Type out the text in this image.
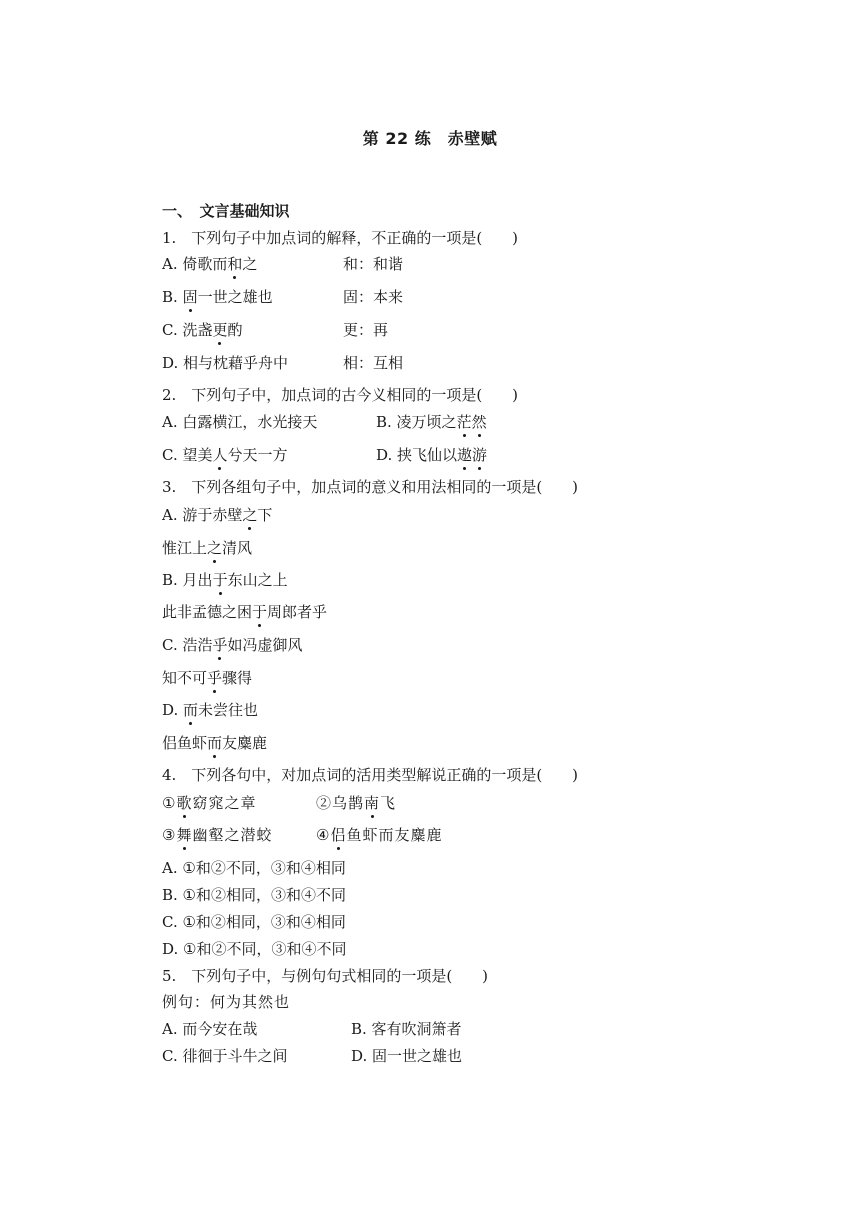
第 22 练　赤壁赋
一、　文言基础知识
1.　下列句子中加点词的解释，不正确的一项是(　　)
A. 倚歌而和之	和：和谐
B. 固一世之雄也	固：本来
C. 洗盏更酌	更：再
D. 相与枕藉乎舟中	相：互相
2.　下列句子中，加点词的古今义相同的一项是(　　)
A. 白露横江，水光接天	B. 凌万顷之茫然
C. 望美人兮天一方	D. 挟飞仙以遨游
3.　下列各组句子中，加点词的意义和用法相同的一项是(　　)
A. 游于赤壁之下
惟江上之清风
B. 月出于东山之上
此非孟德之困于周郎者乎
C. 浩浩乎如冯虚御风
知不可乎骤得
D. 而未尝往也
侣鱼虾而友麋鹿
4.　下列各句中，对加点词的活用类型解说正确的一项是(　　)
①歌窈窕之章	②乌鹊南飞
③舞幽壑之潜蛟	④侣鱼虾而友麋鹿
A. ①和②不同，③和④相同
B. ①和②相同，③和④不同
C. ①和②相同，③和④相同
D. ①和②不同，③和④不同
5.　下列句子中，与例句句式相同的一项是(　　)
例句：何为其然也
A. 而今安在哉	B. 客有吹洞箫者
C. 徘徊于斗牛之间	D. 固一世之雄也
